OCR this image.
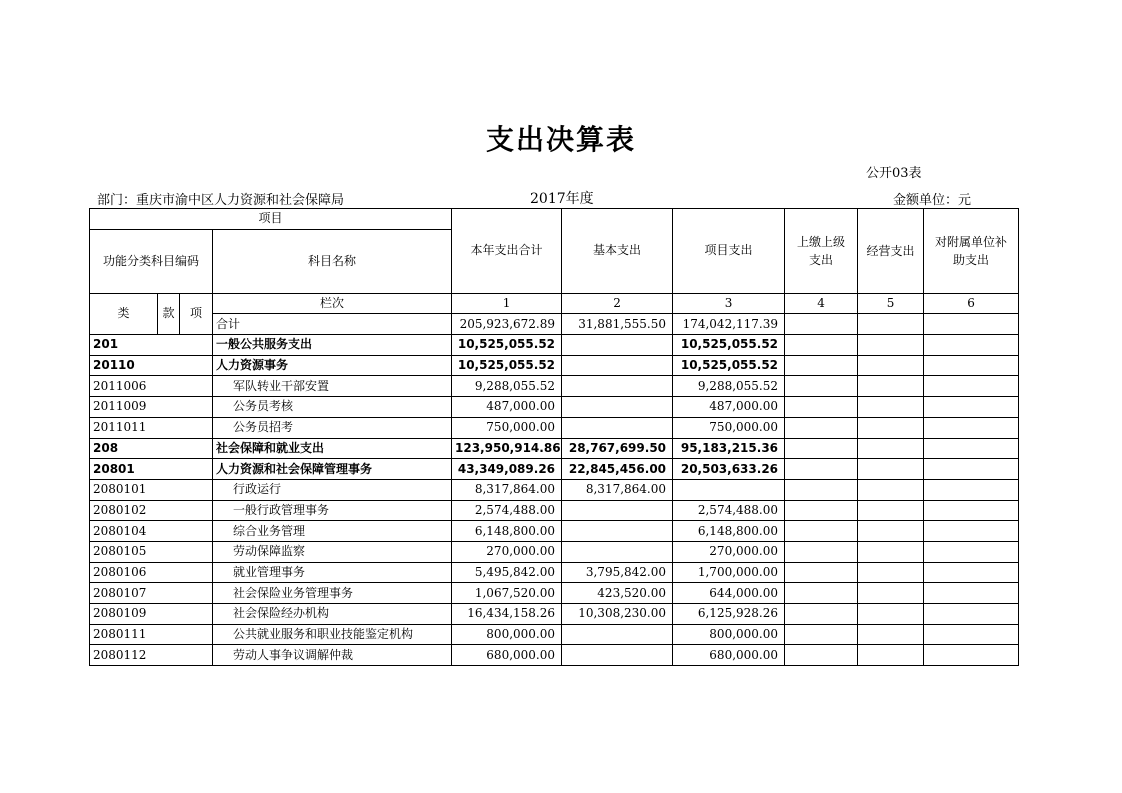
支出决算表
公开03表
部门：重庆市渝中区人力资源和社会保障局	2017年度	金额单位：元
项目				本年支出合计	基本支出	项目支出	上缴上级支出	经营支出	对附属单位补助支出
功能分类科目编码			科目名称						
类	款	项	栏次	1	2	3	4	5	6
			合计	205,923,672.89	31,881,555.50	174,042,117.39			
201			一般公共服务支出	10,525,055.52		10,525,055.52			
20110			人力资源事务	10,525,055.52		10,525,055.52			
2011006			军队转业干部安置	9,288,055.52		9,288,055.52			
2011009			公务员考核	487,000.00		487,000.00			
2011011			公务员招考	750,000.00		750,000.00			
208			社会保障和就业支出	123,950,914.86	28,767,699.50	95,183,215.36			
20801			人力资源和社会保障管理事务	43,349,089.26	22,845,456.00	20,503,633.26			
2080101			行政运行	8,317,864.00	8,317,864.00				
2080102			一般行政管理事务	2,574,488.00		2,574,488.00			
2080104			综合业务管理	6,148,800.00		6,148,800.00			
2080105			劳动保障监察	270,000.00		270,000.00			
2080106			就业管理事务	5,495,842.00	3,795,842.00	1,700,000.00			
2080107			社会保险业务管理事务	1,067,520.00	423,520.00	644,000.00			
2080109			社会保险经办机构	16,434,158.26	10,308,230.00	6,125,928.26			
2080111			公共就业服务和职业技能鉴定机构	800,000.00		800,000.00			
2080112			劳动人事争议调解仲裁	680,000.00		680,000.00			
